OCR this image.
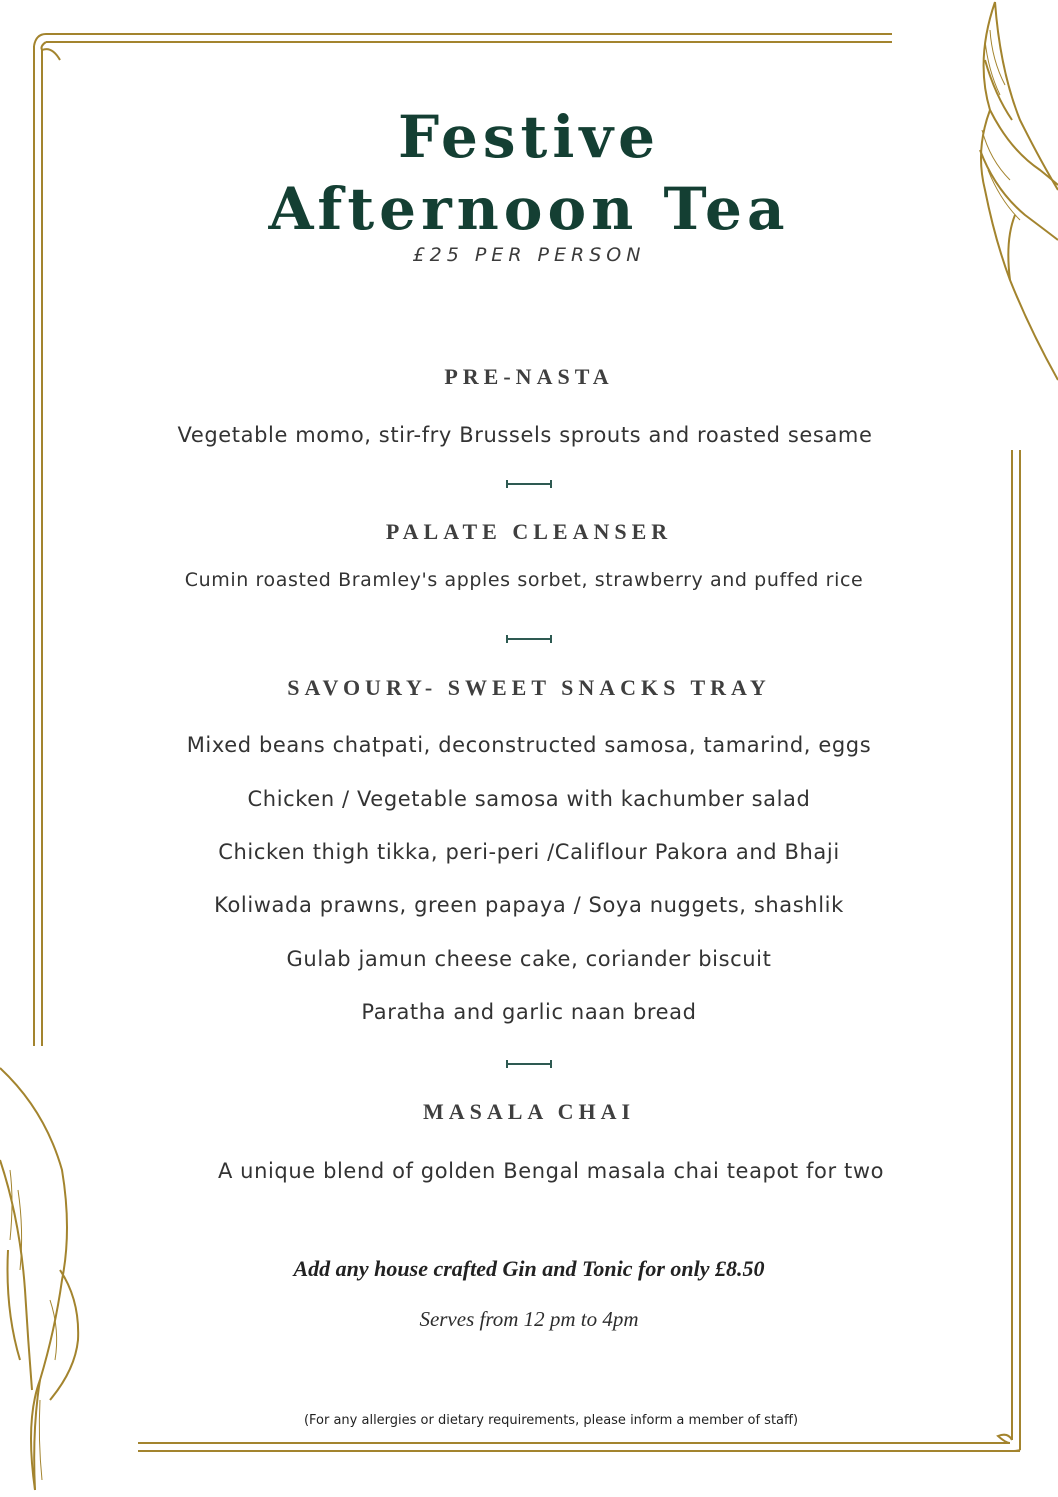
Festive
Afternoon Tea
£25 PER PERSON
PRE-NASTA
Vegetable momo, stir-fry Brussels sprouts and roasted sesame
PALATE CLEANSER
Cumin roasted Bramley's apples sorbet, strawberry and puffed rice
SAVOURY- SWEET SNACKS TRAY
Mixed beans chatpati, deconstructed samosa, tamarind, eggs
Chicken / Vegetable samosa with kachumber salad
Chicken thigh tikka, peri-peri /Califlour Pakora and Bhaji
Koliwada prawns, green papaya / Soya nuggets, shashlik
Gulab jamun cheese cake, coriander biscuit
Paratha and garlic naan bread
MASALA CHAI
A unique blend of golden Bengal masala chai teapot for two
Add any house crafted Gin and Tonic for only £8.50
Serves from 12 pm to 4pm
(For any allergies or dietary requirements, please inform a member of staff)
